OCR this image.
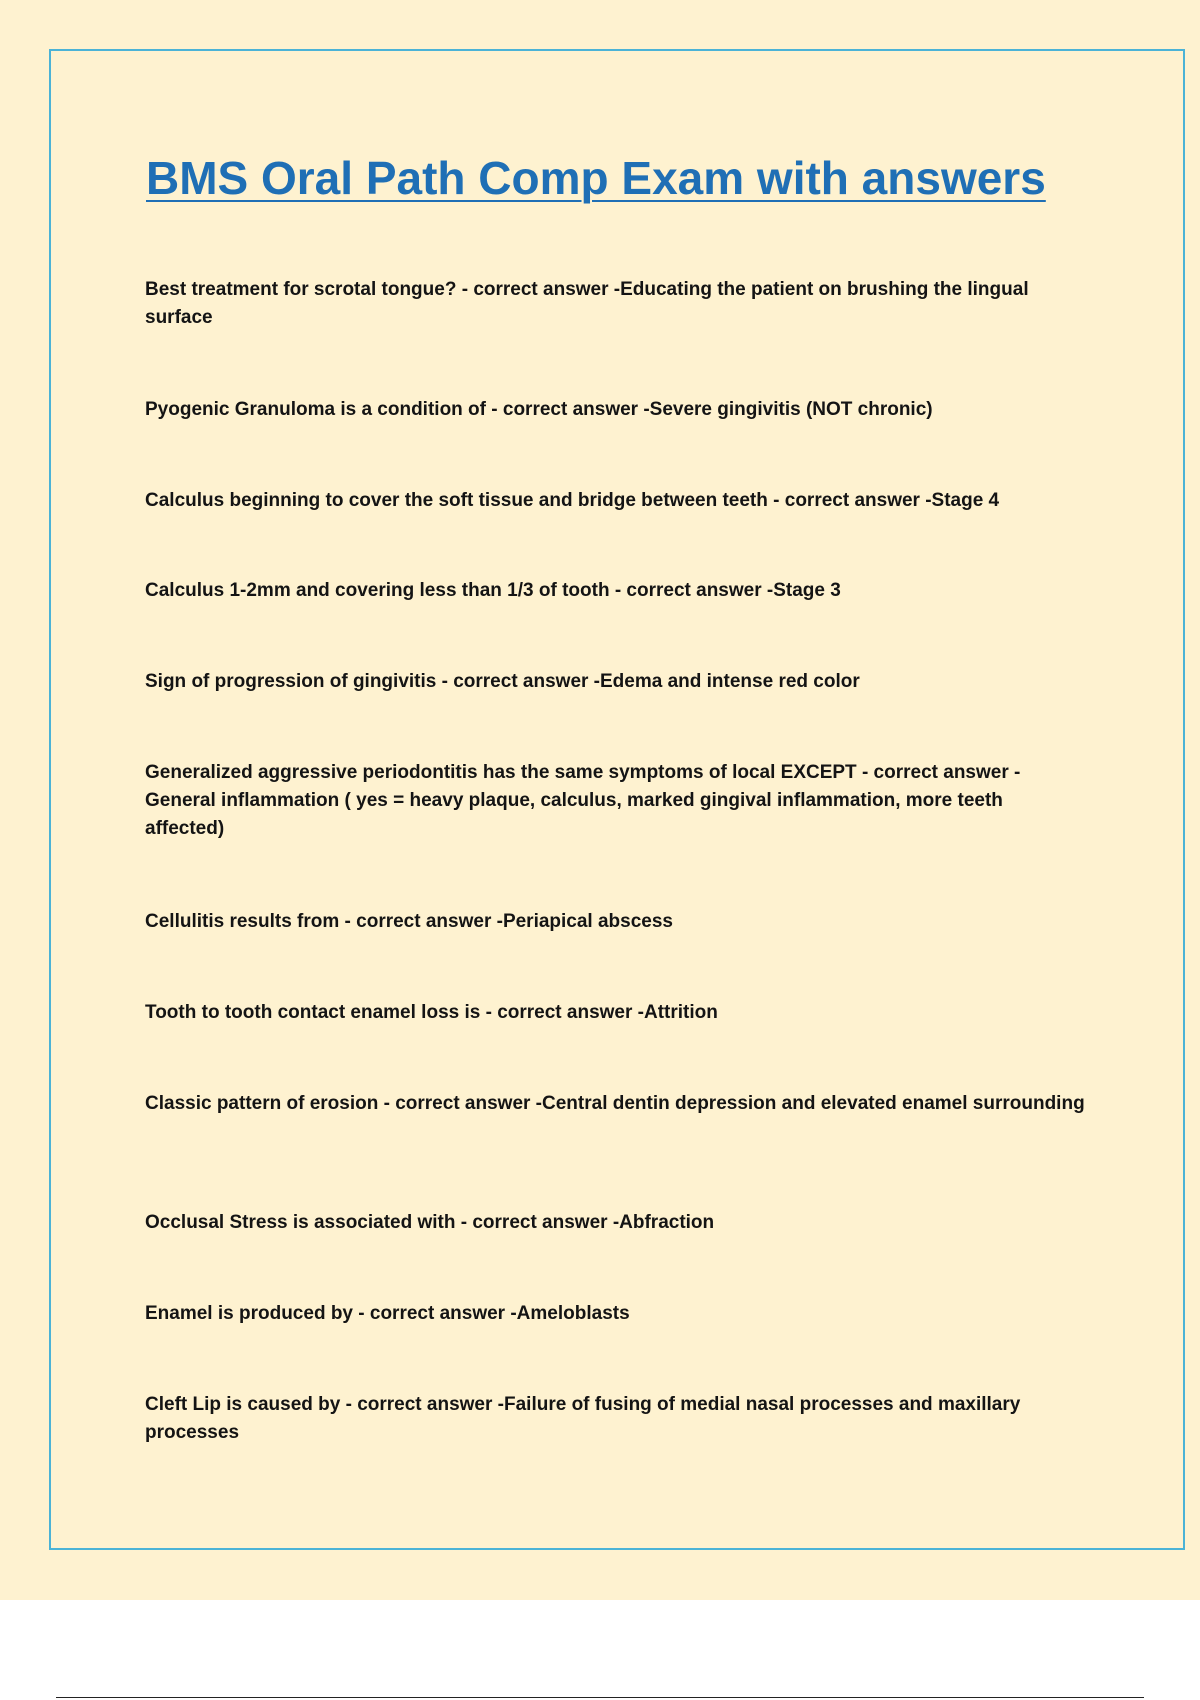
BMS Oral Path Comp Exam with answers

Best treatment for scrotal tongue? - correct answer -Educating the patient on brushing the lingual surface

Pyogenic Granuloma is a condition of - correct answer -Severe gingivitis (NOT chronic)

Calculus beginning to cover the soft tissue and bridge between teeth - correct answer -Stage 4

Calculus 1-2mm and covering less than 1/3 of tooth - correct answer -Stage 3

Sign of progression of gingivitis - correct answer -Edema and intense red color

Generalized aggressive periodontitis has the same symptoms of local EXCEPT - correct answer -General inflammation ( yes = heavy plaque, calculus, marked gingival inflammation, more teeth affected)

Cellulitis results from - correct answer -Periapical abscess

Tooth to tooth contact enamel loss is - correct answer -Attrition

Classic pattern of erosion - correct answer -Central dentin depression and elevated enamel surrounding

Occlusal Stress is associated with - correct answer -Abfraction

Enamel is produced by - correct answer -Ameloblasts

Cleft Lip is caused by - correct answer -Failure of fusing of medial nasal processes and maxillary processes
